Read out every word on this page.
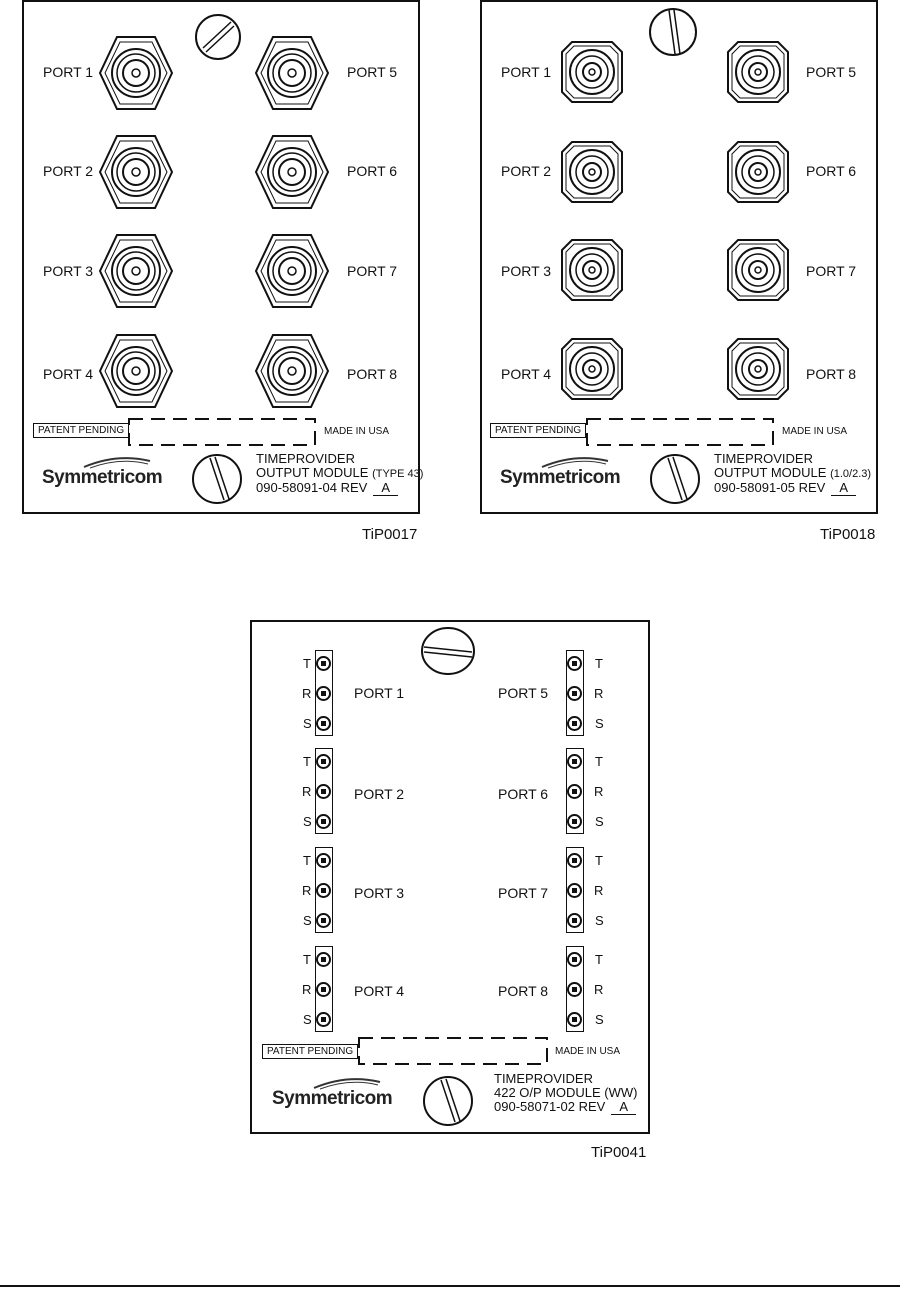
PORT 1
PORT 2
PORT 3
PORT 4
PORT 5
PORT 6
PORT 7
PORT 8
PATENT PENDING	MADE IN USA
Symmetricom
TIMEPROVIDER
OUTPUT MODULE (TYPE 43)
090-58091-04 REV A
TiP0017
PORT 1
PORT 2
PORT 3
PORT 4
PORT 5
PORT 6
PORT 7
PORT 8
PATENT PENDING	MADE IN USA
Symmetricom
TIMEPROVIDER
OUTPUT MODULE (1.0/2.3)
090-58091-05 REV A
TiP0018
T
R
S
T
R
S
T
R
S
T
R
S
T
R
S
T
R
S
T
R
S
T
R
S
PORT 1
PORT 2
PORT 3
PORT 4
PORT 5
PORT 6
PORT 7
PORT 8
PATENT PENDING	MADE IN USA
Symmetricom
TIMEPROVIDER
422 O/P MODULE (WW)
090-58071-02 REV A
TiP0041
